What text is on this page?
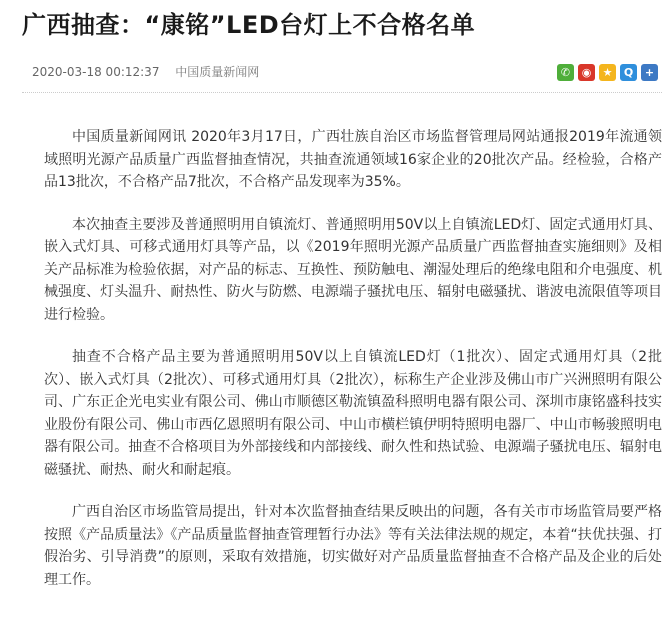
广西抽查：“康铭”LED台灯上不合格名单
2020-03-18 00:12:37 中国质量新闻网	✆	◉	★	Q	+

中国质量新闻网讯 2020年3月17日，广西壮族自治区市场监督管理局网站通报2019年流通领域照明光源产品质量广西监督抽查情况，共抽查流通领域16家企业的20批次产品。经检验，合格产品13批次，不合格产品7批次，不合格产品发现率为35%。

本次抽查主要涉及普通照明用自镇流灯、普通照明用50V以上自镇流LED灯、固定式通用灯具、嵌入式灯具、可移式通用灯具等产品，以《2019年照明光源产品质量广西监督抽查实施细则》及相关产品标准为检验依据，对产品的标志、互换性、预防触电、潮湿处理后的绝缘电阻和介电强度、机械强度、灯头温升、耐热性、防火与防燃、电源端子骚扰电压、辐射电磁骚扰、谐波电流限值等项目进行检验。

抽查不合格产品主要为普通照明用50V以上自镇流LED灯（1批次）、固定式通用灯具（2批次）、嵌入式灯具（2批次）、可移式通用灯具（2批次），标称生产企业涉及佛山市广兴洲照明有限公司、广东正企光电实业有限公司、佛山市顺德区勒流镇盈科照明电器有限公司、深圳市康铭盛科技实业股份有限公司、佛山市西亿恩照明有限公司、中山市横栏镇伊明特照明电器厂、中山市畅骏照明电器有限公司。抽查不合格项目为外部接线和内部接线、耐久性和热试验、电源端子骚扰电压、辐射电磁骚扰、耐热、耐火和耐起痕。

广西自治区市场监管局提出，针对本次监督抽查结果反映出的问题，各有关市市场监管局要严格按照《产品质量法》《产品质量监督抽查管理暂行办法》等有关法律法规的规定，本着“扶优扶强、打假治劣、引导消费”的原则，采取有效措施，切实做好对产品质量监督抽查不合格产品及企业的后处理工作。
